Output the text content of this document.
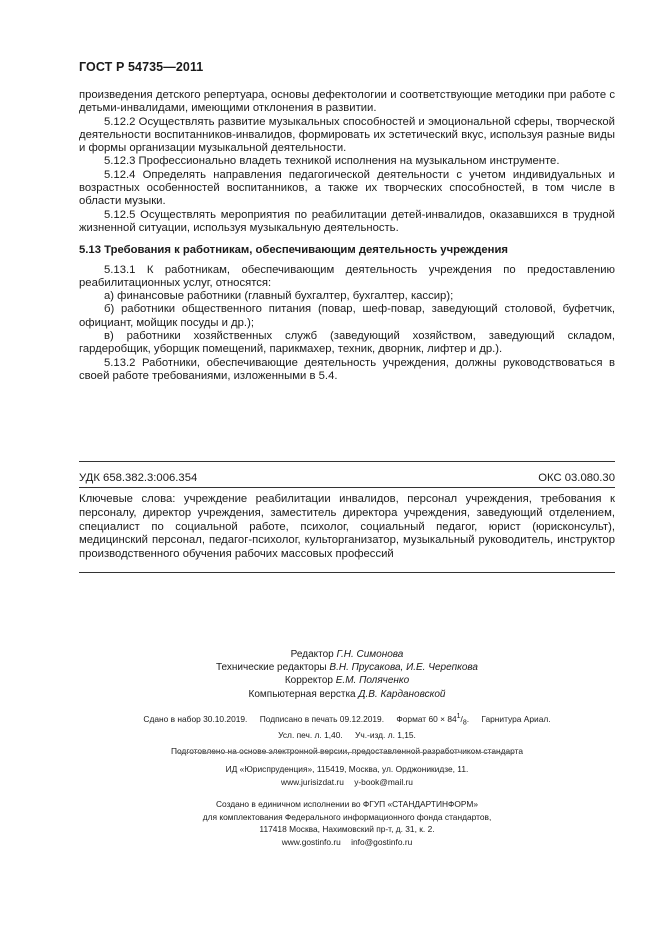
ГОСТ Р 54735—2011

произведения детского репертуара, основы дефектологии и соответствующие методики при работе с детьми-инвалидами, имеющими отклонения в развитии.

5.12.2 Осуществлять развитие музыкальных способностей и эмоциональной сферы, творческой деятельности воспитанников-инвалидов, формировать их эстетический вкус, используя разные виды и формы организации музыкальной деятельности.

5.12.3 Профессионально владеть техникой исполнения на музыкальном инструменте.

5.12.4 Определять направления педагогической деятельности с учетом индивидуальных и возрастных особенностей воспитанников, а также их творческих способностей, в том числе в области музыки.

5.12.5 Осуществлять мероприятия по реабилитации детей-инвалидов, оказавшихся в трудной жизненной ситуации, используя музыкальную деятельность.

5.13 Требования к работникам, обеспечивающим деятельность учреждения

5.13.1 К работникам, обеспечивающим деятельность учреждения по предоставлению реабилитационных услуг, относятся:

а) финансовые работники (главный бухгалтер, бухгалтер, кассир);

б) работники общественного питания (повар, шеф-повар, заведующий столовой, буфетчик, официант, мойщик посуды и др.);

в) работники хозяйственных служб (заведующий хозяйством, заведующий складом, гардеробщик, уборщик помещений, парикмахер, техник, дворник, лифтер и др.).

5.13.2 Работники, обеспечивающие деятельность учреждения, должны руководствоваться в своей работе требованиями, изложенными в 5.4.

УДК 658.382.3:006.354	ОКС 03.080.30
Ключевые слова: учреждение реабилитации инвалидов, персонал учреждения, требования к персоналу, директор учреждения, заместитель директора учреждения, заведующий отделением, специалист по социальной работе, психолог, социальный педагог, юрист (юрисконсульт), медицинский персонал, педагог-психолог, культорганизатор, музыкальный руководитель, инструктор производственного обучения рабочих массовых профессий
Редактор Г.Н. Симонова
Технические редакторы В.Н. Прусакова, И.Е. Черепкова
Корректор Е.М. Поляченко
Компьютерная верстка Д.В. Кардановской
Сдано в набор 30.10.2019. Подписано в печать 09.12.2019. Формат $60 \times 84^1/_8$. Гарнитура Ариал.
Усл. печ. л. 1,40. Уч.-изд. л. 1,15.
Подготовлено на основе электронной версии, предоставленной разработчиком стандарта
ИД «Юриспруденция», 115419, Москва, ул. Орджоникидзе, 11.
www.jurisizdat.ru y-book@mail.ru
Создано в единичном исполнении во ФГУП «СТАНДАРТИНФОРМ»
для комплектования Федерального информационного фонда стандартов,
117418 Москва, Нахимовский пр-т, д. 31, к. 2.
www.gostinfo.ru info@gostinfo.ru
